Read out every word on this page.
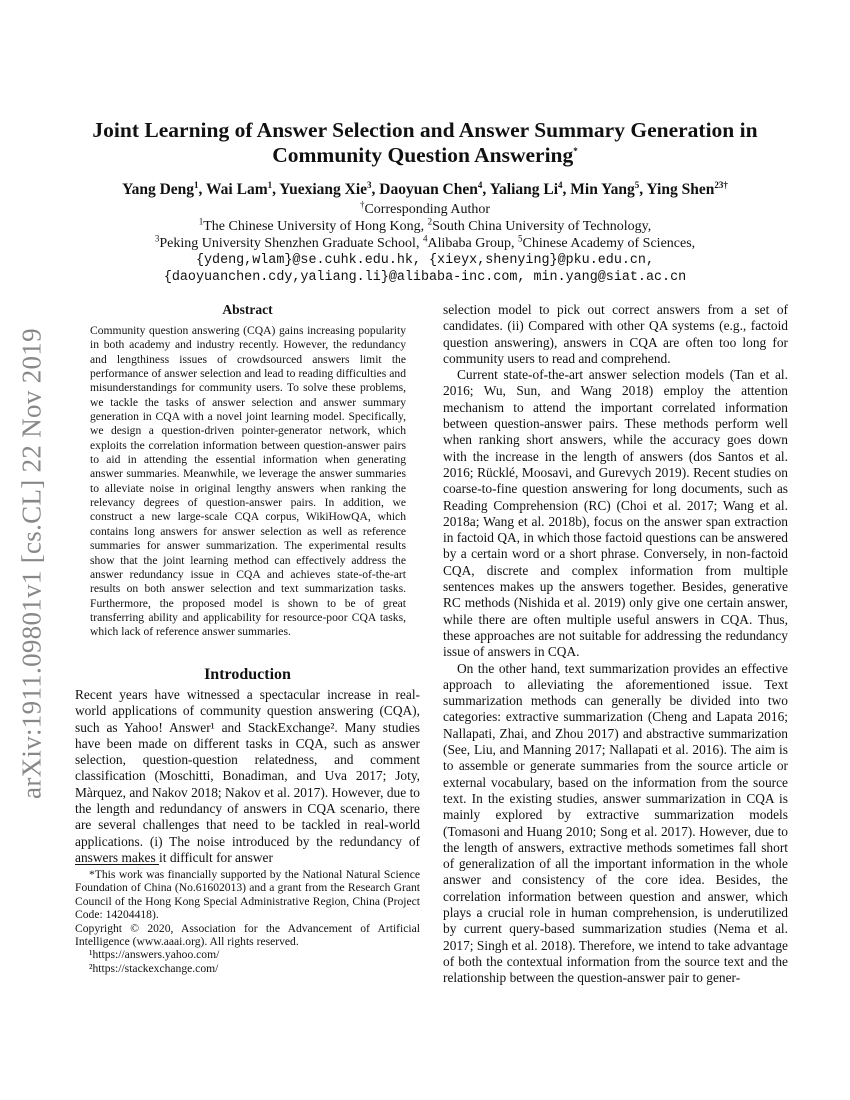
arXiv:1911.09801v1 [cs.CL] 22 Nov 2019
Joint Learning of Answer Selection and Answer Summary Generation in
Community Question Answering*
Yang Deng$^1$, Wai Lam$^1$, Yuexiang Xie$^3$, Daoyuan Chen$^4$, Yaliang Li$^4$, Min Yang$^5$, Ying Shen$^{23\dagger}$
†Corresponding Author
$^1$The Chinese University of Hong Kong, $^2$South China University of Technology,
$^3$Peking University Shenzhen Graduate School, $^4$Alibaba Group, $^5$Chinese Academy of Sciences,
{ydeng,wlam}@se.cuhk.edu.hk, {xieyx,shenying}@pku.edu.cn,
{daoyuanchen.cdy,yaliang.li}@alibaba-inc.com, min.yang@siat.ac.cn
Abstract
Community question answering (CQA) gains increasing popularity in both academy and industry recently. However, the redundancy and lengthiness issues of crowdsourced answers limit the performance of answer selection and lead to reading difficulties and misunderstandings for community users. To solve these problems, we tackle the tasks of answer selection and answer summary generation in CQA with a novel joint learning model. Specifically, we design a question-driven pointer-generator network, which exploits the correlation information between question-answer pairs to aid in attending the essential information when generating answer summaries. Meanwhile, we leverage the answer summaries to alleviate noise in original lengthy answers when ranking the relevancy degrees of question-answer pairs. In addition, we construct a new large-scale CQA corpus, WikiHowQA, which contains long answers for answer selection as well as reference summaries for answer summarization. The experimental results show that the joint learning method can effectively address the answer redundancy issue in CQA and achieves state-of-the-art results on both answer selection and text summarization tasks. Furthermore, the proposed model is shown to be of great transferring ability and applicability for resource-poor CQA tasks, which lack of reference answer summaries.
Introduction

Recent years have witnessed a spectacular increase in real-world applications of community question answering (CQA), such as Yahoo! Answer¹ and StackExchange². Many studies have been made on different tasks in CQA, such as answer selection, question-question relatedness, and comment classification (Moschitti, Bonadiman, and Uva 2017; Joty, Màrquez, and Nakov 2018; Nakov et al. 2017). However, due to the length and redundancy of answers in CQA scenario, there are several challenges that need to be tackled in real-world applications. (i) The noise introduced by the redundancy of answers makes it difficult for answer

*This work was financially supported by the National Natural Science Foundation of China (No.61602013) and a grant from the Research Grant Council of the Hong Kong Special Administrative Region, China (Project Code: 14204418).

Copyright © 2020, Association for the Advancement of Artificial Intelligence (www.aaai.org). All rights reserved.

¹https://answers.yahoo.com/

²https://stackexchange.com/

selection model to pick out correct answers from a set of candidates. (ii) Compared with other QA systems (e.g., factoid question answering), answers in CQA are often too long for community users to read and comprehend.

Current state-of-the-art answer selection models (Tan et al. 2016; Wu, Sun, and Wang 2018) employ the attention mechanism to attend the important correlated information between question-answer pairs. These methods perform well when ranking short answers, while the accuracy goes down with the increase in the length of answers (dos Santos et al. 2016; Rücklé, Moosavi, and Gurevych 2019). Recent studies on coarse-to-fine question answering for long documents, such as Reading Comprehension (RC) (Choi et al. 2017; Wang et al. 2018a; Wang et al. 2018b), focus on the answer span extraction in factoid QA, in which those factoid questions can be answered by a certain word or a short phrase. Conversely, in non-factoid CQA, discrete and complex information from multiple sentences makes up the answers together. Besides, generative RC methods (Nishida et al. 2019) only give one certain answer, while there are often multiple useful answers in CQA. Thus, these approaches are not suitable for addressing the redundancy issue of answers in CQA.

On the other hand, text summarization provides an effective approach to alleviating the aforementioned issue. Text summarization methods can generally be divided into two categories: extractive summarization (Cheng and Lapata 2016; Nallapati, Zhai, and Zhou 2017) and abstractive summarization (See, Liu, and Manning 2017; Nallapati et al. 2016). The aim is to assemble or generate summaries from the source article or external vocabulary, based on the information from the source text. In the existing studies, answer summarization in CQA is mainly explored by extractive summarization models (Tomasoni and Huang 2010; Song et al. 2017). However, due to the length of answers, extractive methods sometimes fall short of generalization of all the important information in the whole answer and consistency of the core idea. Besides, the correlation information between question and answer, which plays a crucial role in human comprehension, is underutilized by current query-based summarization studies (Nema et al. 2017; Singh et al. 2018). Therefore, we intend to take advantage of both the contextual information from the source text and the relationship between the question-answer pair to gener-
